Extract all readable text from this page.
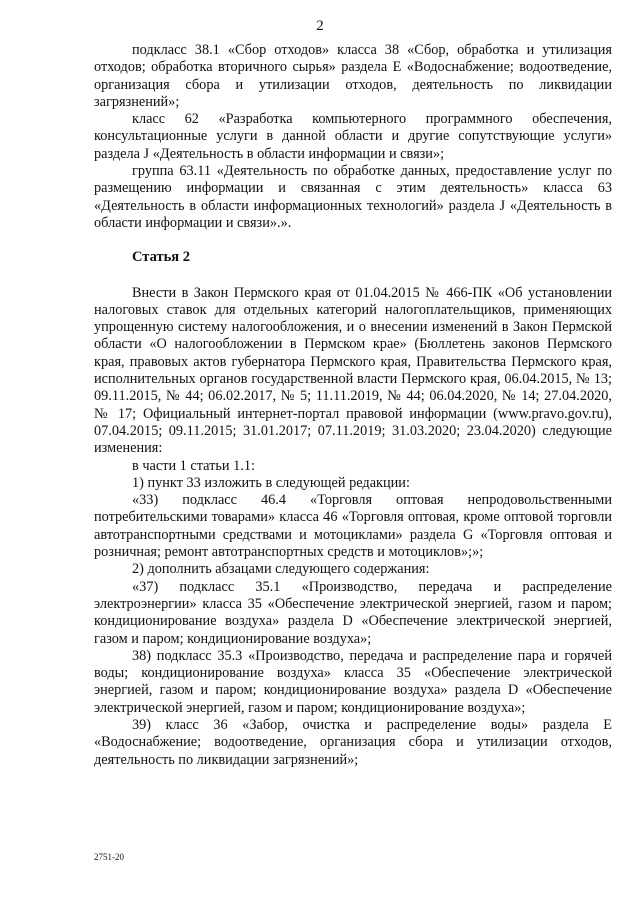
2

подкласс 38.1 «Сбор отходов» класса 38 «Сбор, обработка и утилизация отходов; обработка вторичного сырья» раздела E «Водоснабжение; водоотведение, организация сбора и утилизации отходов, деятельность по ликвидации загрязнений»;

класс 62 «Разработка компьютерного программного обеспечения, консультационные услуги в данной области и другие сопутствующие услуги» раздела J «Деятельность в области информации и связи»;

группа 63.11 «Деятельность по обработке данных, предоставление услуг по размещению информации и связанная с этим деятельность» класса 63 «Деятельность в области информационных технологий» раздела J «Деятельность в области информации и связи».».

Статья 2

Внести в Закон Пермского края от 01.04.2015 № 466-ПК «Об установлении налоговых ставок для отдельных категорий налогоплательщиков, применяющих упрощенную систему налогообложения, и о внесении изменений в Закон Пермской области «О налогообложении в Пермском крае» (Бюллетень законов Пермского края, правовых актов губернатора Пермского края, Правительства Пермского края, исполнительных органов государственной власти Пермского края, 06.04.2015, № 13; 09.11.2015, № 44; 06.02.2017, № 5; 11.11.2019, № 44; 06.04.2020, № 14; 27.04.2020, № 17; Официальный интернет-портал правовой информации (www.pravo.gov.ru), 07.04.2015; 09.11.2015; 31.01.2017; 07.11.2019; 31.03.2020; 23.04.2020) следующие изменения:

в части 1 статьи 1.1:

1) пункт 33 изложить в следующей редакции:

«33) подкласс 46.4 «Торговля оптовая непродовольственными потребительскими товарами» класса 46 «Торговля оптовая, кроме оптовой торговли автотранспортными средствами и мотоциклами» раздела G «Торговля оптовая и розничная; ремонт автотранспортных средств и мотоциклов»;»;

2) дополнить абзацами следующего содержания:

«37) подкласс 35.1 «Производство, передача и распределение электроэнергии» класса 35 «Обеспечение электрической энергией, газом и паром; кондиционирование воздуха» раздела D «Обеспечение электрической энергией, газом и паром; кондиционирование воздуха»;

38) подкласс 35.3 «Производство, передача и распределение пара и горячей воды; кондиционирование воздуха» класса 35 «Обеспечение электрической энергией, газом и паром; кондиционирование воздуха» раздела D «Обеспечение электрической энергией, газом и паром; кондиционирование воздуха»;

39) класс 36 «Забор, очистка и распределение воды» раздела E «Водоснабжение; водоотведение, организация сбора и утилизации отходов, деятельность по ликвидации загрязнений»;

2751-20
